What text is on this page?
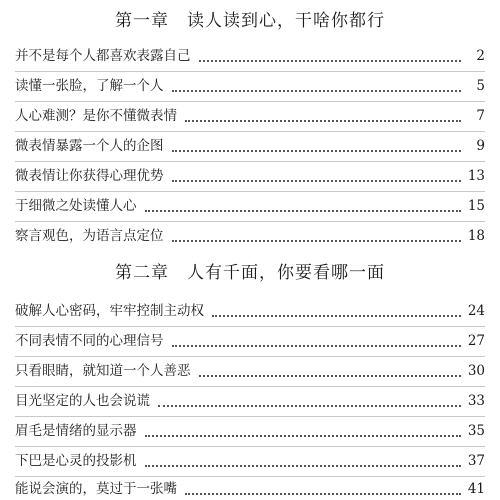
第一章　读人读到心，干啥你都行
并不是每个人都喜欢表露自己	2
读懂一张脸，了解一个人	5
人心难测？是你不懂微表情	7
微表情暴露一个人的企图	9
微表情让你获得心理优势	13
于细微之处读懂人心	15
察言观色，为语言点定位	18
第二章　人有千面，你要看哪一面
破解人心密码，牢牢控制主动权	24
不同表情不同的心理信号	27
只看眼睛，就知道一个人善恶	30
目光坚定的人也会说谎	33
眉毛是情绪的显示器	35
下巴是心灵的投影机	37
能说会演的，莫过于一张嘴	41
